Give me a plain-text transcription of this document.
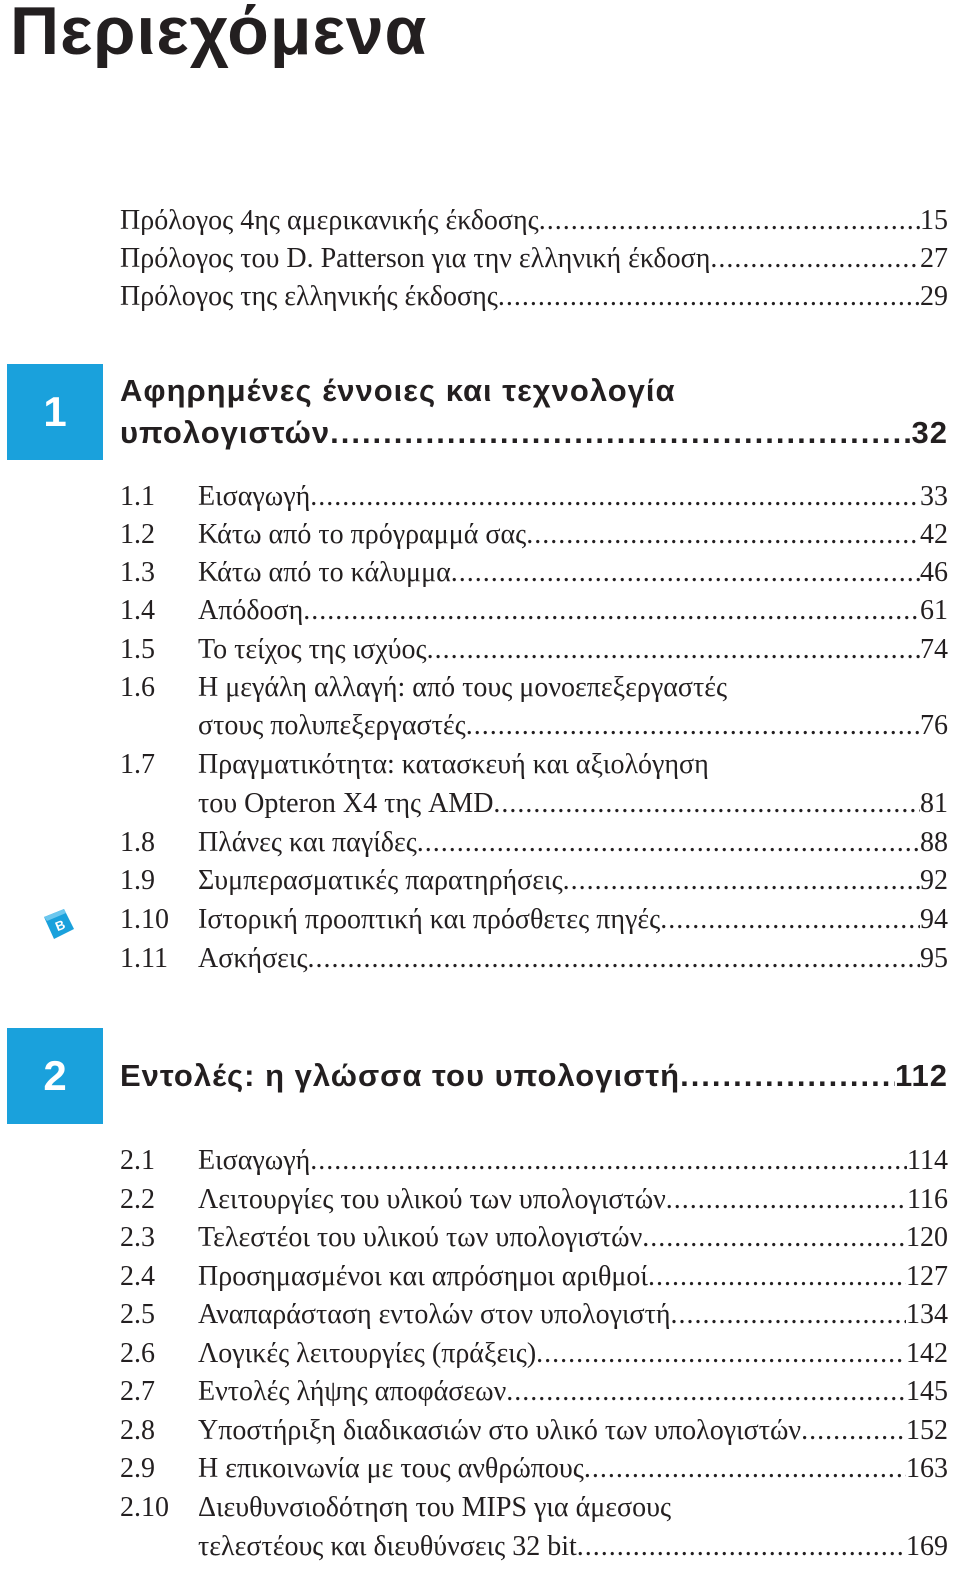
Περιεχόμενα
Πρόλογος 4ης αμερικανικής έκδοσης .....	15
Πρόλογος του D. Patterson για την ελληνική έκδοση .....	27
Πρόλογος της ελληνικής έκδοσης .....	29
1	Αφηρημένες έννοιες και τεχνολογία
υπολογιστών .....	32
1.1 Εισαγωγή .....	33
1.2 Κάτω από το πρόγραμμά σας .....	42
1.3 Κάτω από το κάλυμμα .....	46
1.4 Απόδοση .....	61
1.5 Το τείχος της ισχύος .....	74
1.6 Η μεγάλη αλλαγή: από τους μονοεπεξεργαστές
στους πολυπεξεργαστές .....	76
1.7 Πραγματικότητα: κατασκευή και αξιολόγηση
του Opteron X4 της AMD .....	81
1.8 Πλάνες και παγίδες .....	88
1.9 Συμπερασματικές παρατηρήσεις .....	92
B 1.10 Ιστορική προοπτική και πρόσθετες πηγές .....	94
1.11 Ασκήσεις .....	95
2	Εντολές: η γλώσσα του υπολογιστή .....	112
2.1 Εισαγωγή .....	114
2.2 Λειτουργίες του υλικού των υπολογιστών .....	116
2.3 Τελεστέοι του υλικού των υπολογιστών .....	120
2.4 Προσημασμένοι και απρόσημοι αριθμοί .....	127
2.5 Αναπαράσταση εντολών στον υπολογιστή .....	134
2.6 Λογικές λειτουργίες (πράξεις) .....	142
2.7 Εντολές λήψης αποφάσεων .....	145
2.8 Υποστήριξη διαδικασιών στο υλικό των υπολογιστών .....	152
2.9 Η επικοινωνία με τους ανθρώπους .....	163
2.10 Διευθυνσιοδότηση του MIPS για άμεσους
τελεστέους και διευθύνσεις 32 bit .....	169
